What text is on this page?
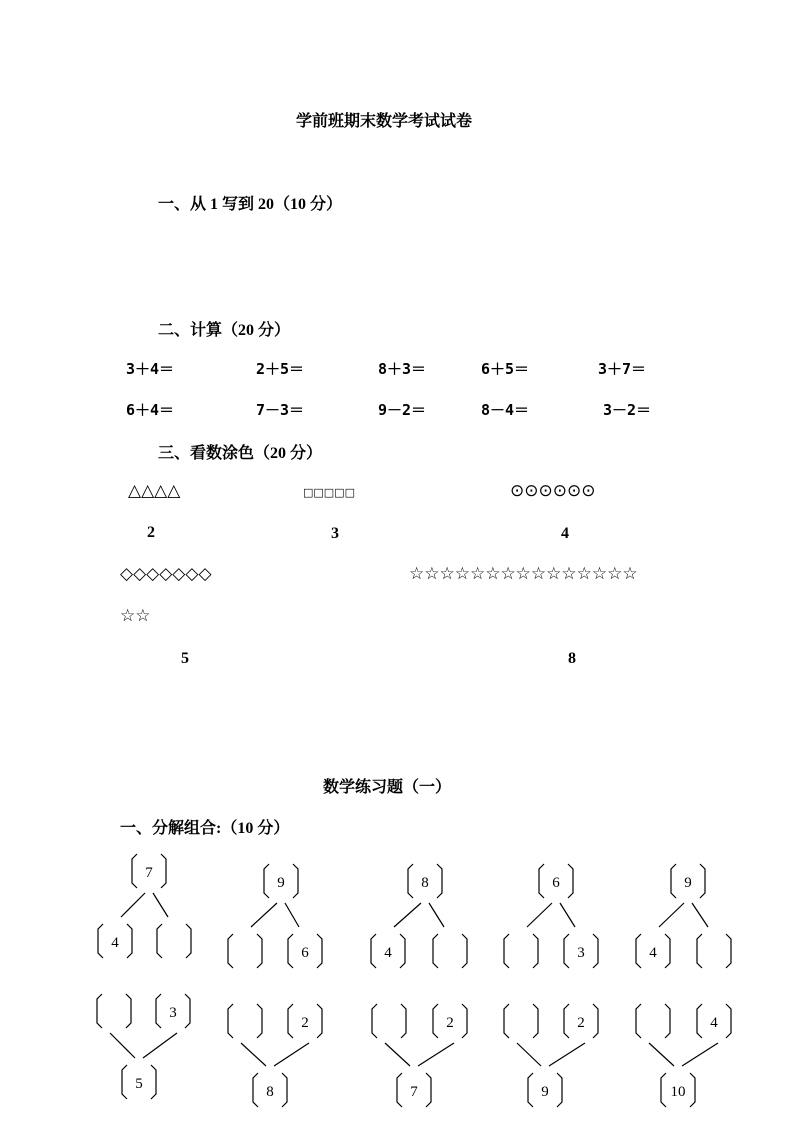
学前班期末数学考试试卷
一、从 1 写到 20（10 分）
二、计算（20 分）
3＋4＝	2＋5＝	8＋3＝	6＋5＝	3＋7＝
6＋4＝	7－3＝	9－2＝	8－4＝	3－2＝
三、看数涂色（20 分）
△△△△	□□□□□	⊙⊙⊙⊙⊙⊙
2	3	4
◇◇◇◇◇◇◇	☆☆☆☆☆☆☆☆☆☆☆☆☆☆☆
☆☆
5	8
数学练习题（一）
一、分解组合:（10 分）
7
4
9
6
8
4
6
3
9
4
3
5
2
8
2
7
2
9
4
10
